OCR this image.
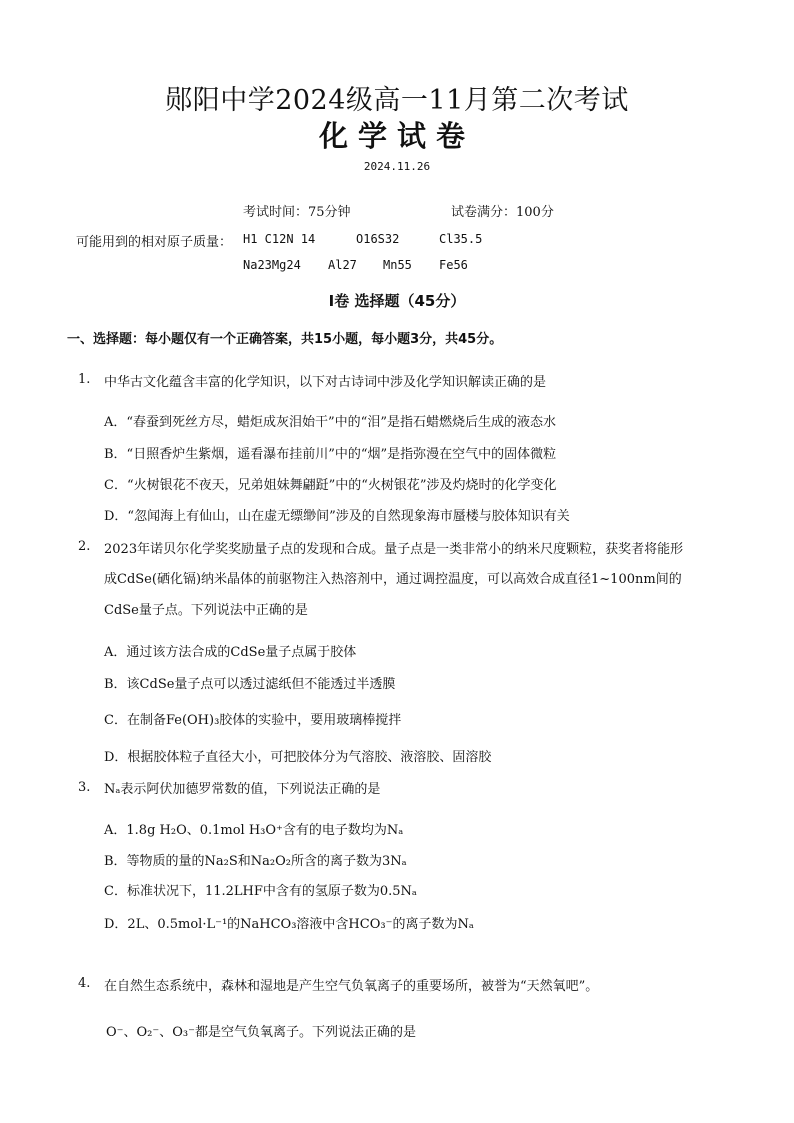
郧阳中学2024级高一11月第二次考试
化学试卷
2024.11.26
考试时间：75分钟	试卷满分：100分
可能用到的相对原子质量： H1 C12N 14	O16S32	Cl35.5
Na23Mg24 Al27 Mn55 Fe56
Ⅰ卷 选择题（45分）
一、选择题：每小题仅有一个正确答案，共15小题，每小题3分，共45分。
1. 中华古文化蕴含丰富的化学知识，以下对古诗词中涉及化学知识解读正确的是
A．“春蚕到死丝方尽，蜡炬成灰泪始干”中的“泪”是指石蜡燃烧后生成的液态水
B．“日照香炉生紫烟，遥看瀑布挂前川”中的“烟”是指弥漫在空气中的固体微粒
C．“火树银花不夜天，兄弟姐妹舞翩跹”中的“火树银花”涉及灼烧时的化学变化
D．“忽闻海上有仙山，山在虚无缥缈间”涉及的自然现象海市蜃楼与胶体知识有关
2. 2023年诺贝尔化学奖奖励量子点的发现和合成。量子点是一类非常小的纳米尺度颗粒，获奖者将能形
成CdSe(硒化镉)纳米晶体的前驱物注入热溶剂中，通过调控温度，可以高效合成直径1~100nm间的
CdSe量子点。下列说法中正确的是
A．通过该方法合成的CdSe量子点属于胶体
B．该CdSe量子点可以透过滤纸但不能透过半透膜
C．在制备Fe(OH)₃胶体的实验中，要用玻璃棒搅拌
D．根据胶体粒子直径大小，可把胶体分为气溶胶、液溶胶、固溶胶
3. Nₐ表示阿伏加德罗常数的值，下列说法正确的是
A．1.8g H₂O、0.1mol H₃O⁺含有的电子数均为Nₐ
B．等物质的量的Na₂S和Na₂O₂所含的离子数为3Nₐ
C．标准状况下，11.2LHF中含有的氢原子数为0.5Nₐ
D．2L、0.5mol·L⁻¹的NaHCO₃溶液中含HCO₃⁻的离子数为Nₐ
4. 在自然生态系统中，森林和湿地是产生空气负氧离子的重要场所，被誉为“天然氧吧”。
O⁻、O₂⁻、O₃⁻都是空气负氧离子。下列说法正确的是
